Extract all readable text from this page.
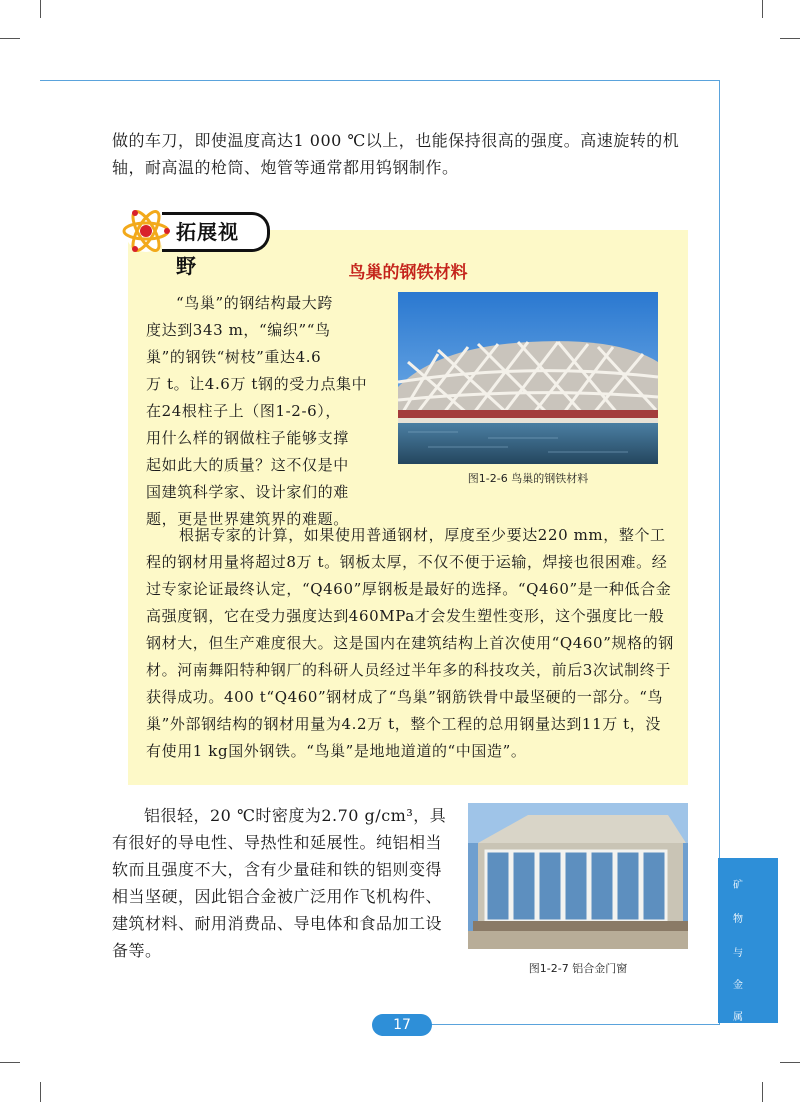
做的车刀，即使温度高达1 000 ℃以上，也能保持很高的强度。高速旋转的机轴，耐高温的枪筒、炮管等通常都用钨钢制作。

鸟巢的钢铁材料
“鸟巢”的钢结构最大跨
度达到343 m，“编织”“鸟
巢”的钢铁“树枝”重达4.6
万 t。让4.6万 t钢的受力点集中
在24根柱子上（图1-2-6），
用什么样的钢做柱子能够支撑
起如此大的质量？这不仅是中
国建筑科学家、设计家们的难
题，更是世界建筑界的难题。
图1-2-6 鸟巢的钢铁材料

根据专家的计算，如果使用普通钢材，厚度至少要达220 mm，整个工程的钢材用量将超过8万 t。钢板太厚，不仅不便于运输，焊接也很困难。经过专家论证最终认定，“Q460”厚钢板是最好的选择。“Q460”是一种低合金高强度钢，它在受力强度达到460MPa才会发生塑性变形，这个强度比一般钢材大，但生产难度很大。这是国内在建筑结构上首次使用“Q460”规格的钢材。河南舞阳特种钢厂的科研人员经过半年多的科技攻关，前后3次试制终于获得成功。400 t“Q460”钢材成了“鸟巢”钢筋铁骨中最坚硬的一部分。“鸟巢”外部钢结构的钢材用量为4.2万 t，整个工程的总用钢量达到11万 t，没有使用1 kg国外钢铁。“鸟巢”是地地道道的“中国造”。

拓展视野

铝很轻，20 ℃时密度为2.70 g/cm³，具有很好的导电性、导热性和延展性。纯铝相当软而且强度不大，含有少量硅和铁的铝则变得相当坚硬，因此铝合金被广泛用作飞机构件、建筑材料、耐用消费品、导电体和食品加工设备等。

图1-2-7 铝合金门窗
矿
物
与
金
属
17
